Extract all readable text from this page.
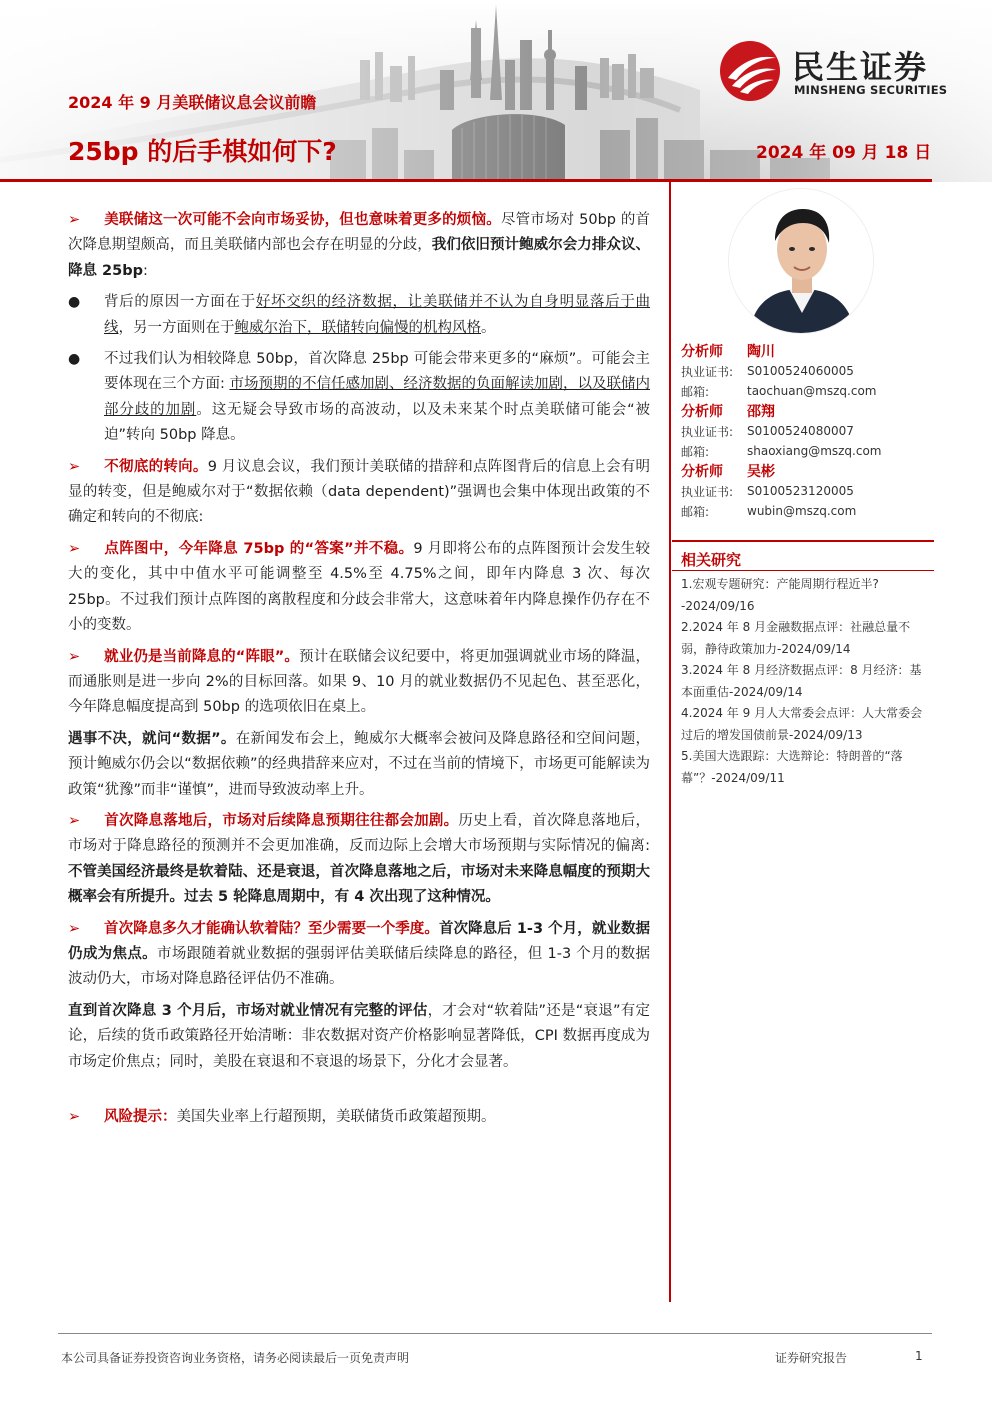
民生证券
MINSHENG SECURITIES
2024 年 9 月美联储议息会议前瞻
25bp 的后手棋如何下?	2024 年 09 月 18 日
➢ 美联储这一次可能不会向市场妥协，但也意味着更多的烦恼。尽管市场对 50bp 的首次降息期望颇高，而且美联储内部也会存在明显的分歧，我们依旧预计鲍威尔会力排众议、降息 25bp:
●	背后的原因一方面在于好坏交织的经济数据，让美联储并不认为自身明显落后于曲线，另一方面则在于鲍威尔治下，联储转向偏慢的机构风格。
●	不过我们认为相较降息 50bp，首次降息 25bp 可能会带来更多的“麻烦”。可能会主要体现在三个方面: 市场预期的不信任感加剧、经济数据的负面解读加剧，以及联储内部分歧的加剧。这无疑会导致市场的高波动，以及未来某个时点美联储可能会“被迫”转向 50bp 降息。
➢ 不彻底的转向。9 月议息会议，我们预计美联储的措辞和点阵图背后的信息上会有明显的转变，但是鲍威尔对于“数据依赖（data dependent)”强调也会集中体现出政策的不确定和转向的不彻底:
➢ 点阵图中，今年降息 75bp 的“答案”并不稳。9 月即将公布的点阵图预计会发生较大的变化，其中中值水平可能调整至 4.5%至 4.75%之间，即年内降息 3 次、每次 25bp。不过我们预计点阵图的离散程度和分歧会非常大，这意味着年内降息操作仍存在不小的变数。
➢ 就业仍是当前降息的“阵眼”。预计在联储会议纪要中，将更加强调就业市场的降温，而通胀则是进一步向 2%的目标回落。如果 9、10 月的就业数据仍不见起色、甚至恶化，今年降息幅度提高到 50bp 的选项依旧在桌上。
遇事不决，就问“数据”。在新闻发布会上，鲍威尔大概率会被问及降息路径和空间问题，预计鲍威尔仍会以“数据依赖”的经典措辞来应对，不过在当前的情境下，市场更可能解读为政策“犹豫”而非“谨慎”，进而导致波动率上升。
➢ 首次降息落地后，市场对后续降息预期往往都会加剧。历史上看，首次降息落地后，市场对于降息路径的预测并不会更加准确，反而边际上会增大市场预期与实际情况的偏离: 不管美国经济最终是软着陆、还是衰退，首次降息落地之后，市场对未来降息幅度的预期大概率会有所提升。过去 5 轮降息周期中，有 4 次出现了这种情况。
➢ 首次降息多久才能确认软着陆？至少需要一个季度。首次降息后 1-3 个月，就业数据仍成为焦点。市场跟随着就业数据的强弱评估美联储后续降息的路径，但 1-3 个月的数据波动仍大，市场对降息路径评估仍不准确。
直到首次降息 3 个月后，市场对就业情况有完整的评估，才会对“软着陆”还是“衰退”有定论，后续的货币政策路径开始清晰：非农数据对资产价格影响显著降低，CPI 数据再度成为市场定价焦点；同时，美股在衰退和不衰退的场景下，分化才会显著。
➢ 风险提示：美国失业率上行超预期，美联储货币政策超预期。
分析师	陶川
执业证书:	S0100524060005
邮箱:	taochuan@mszq.com
分析师	邵翔
执业证书:	S0100524080007
邮箱:	shaoxiang@mszq.com
分析师	吴彬
执业证书:	S0100523120005
邮箱:	wubin@mszq.com
相关研究
1.宏观专题研究：产能周期行程近半? -2024/09/16
2.2024 年 8 月金融数据点评：社融总量不弱，静待政策加力-2024/09/14
3.2024 年 8 月经济数据点评：8 月经济：基本面重估-2024/09/14
4.2024 年 9 月人大常委会点评：人大常委会过后的增发国债前景-2024/09/13
5.美国大选跟踪：大选辩论：特朗普的“落幕”？-2024/09/11
本公司具备证券投资咨询业务资格，请务必阅读最后一页免责声明	证券研究报告	1
